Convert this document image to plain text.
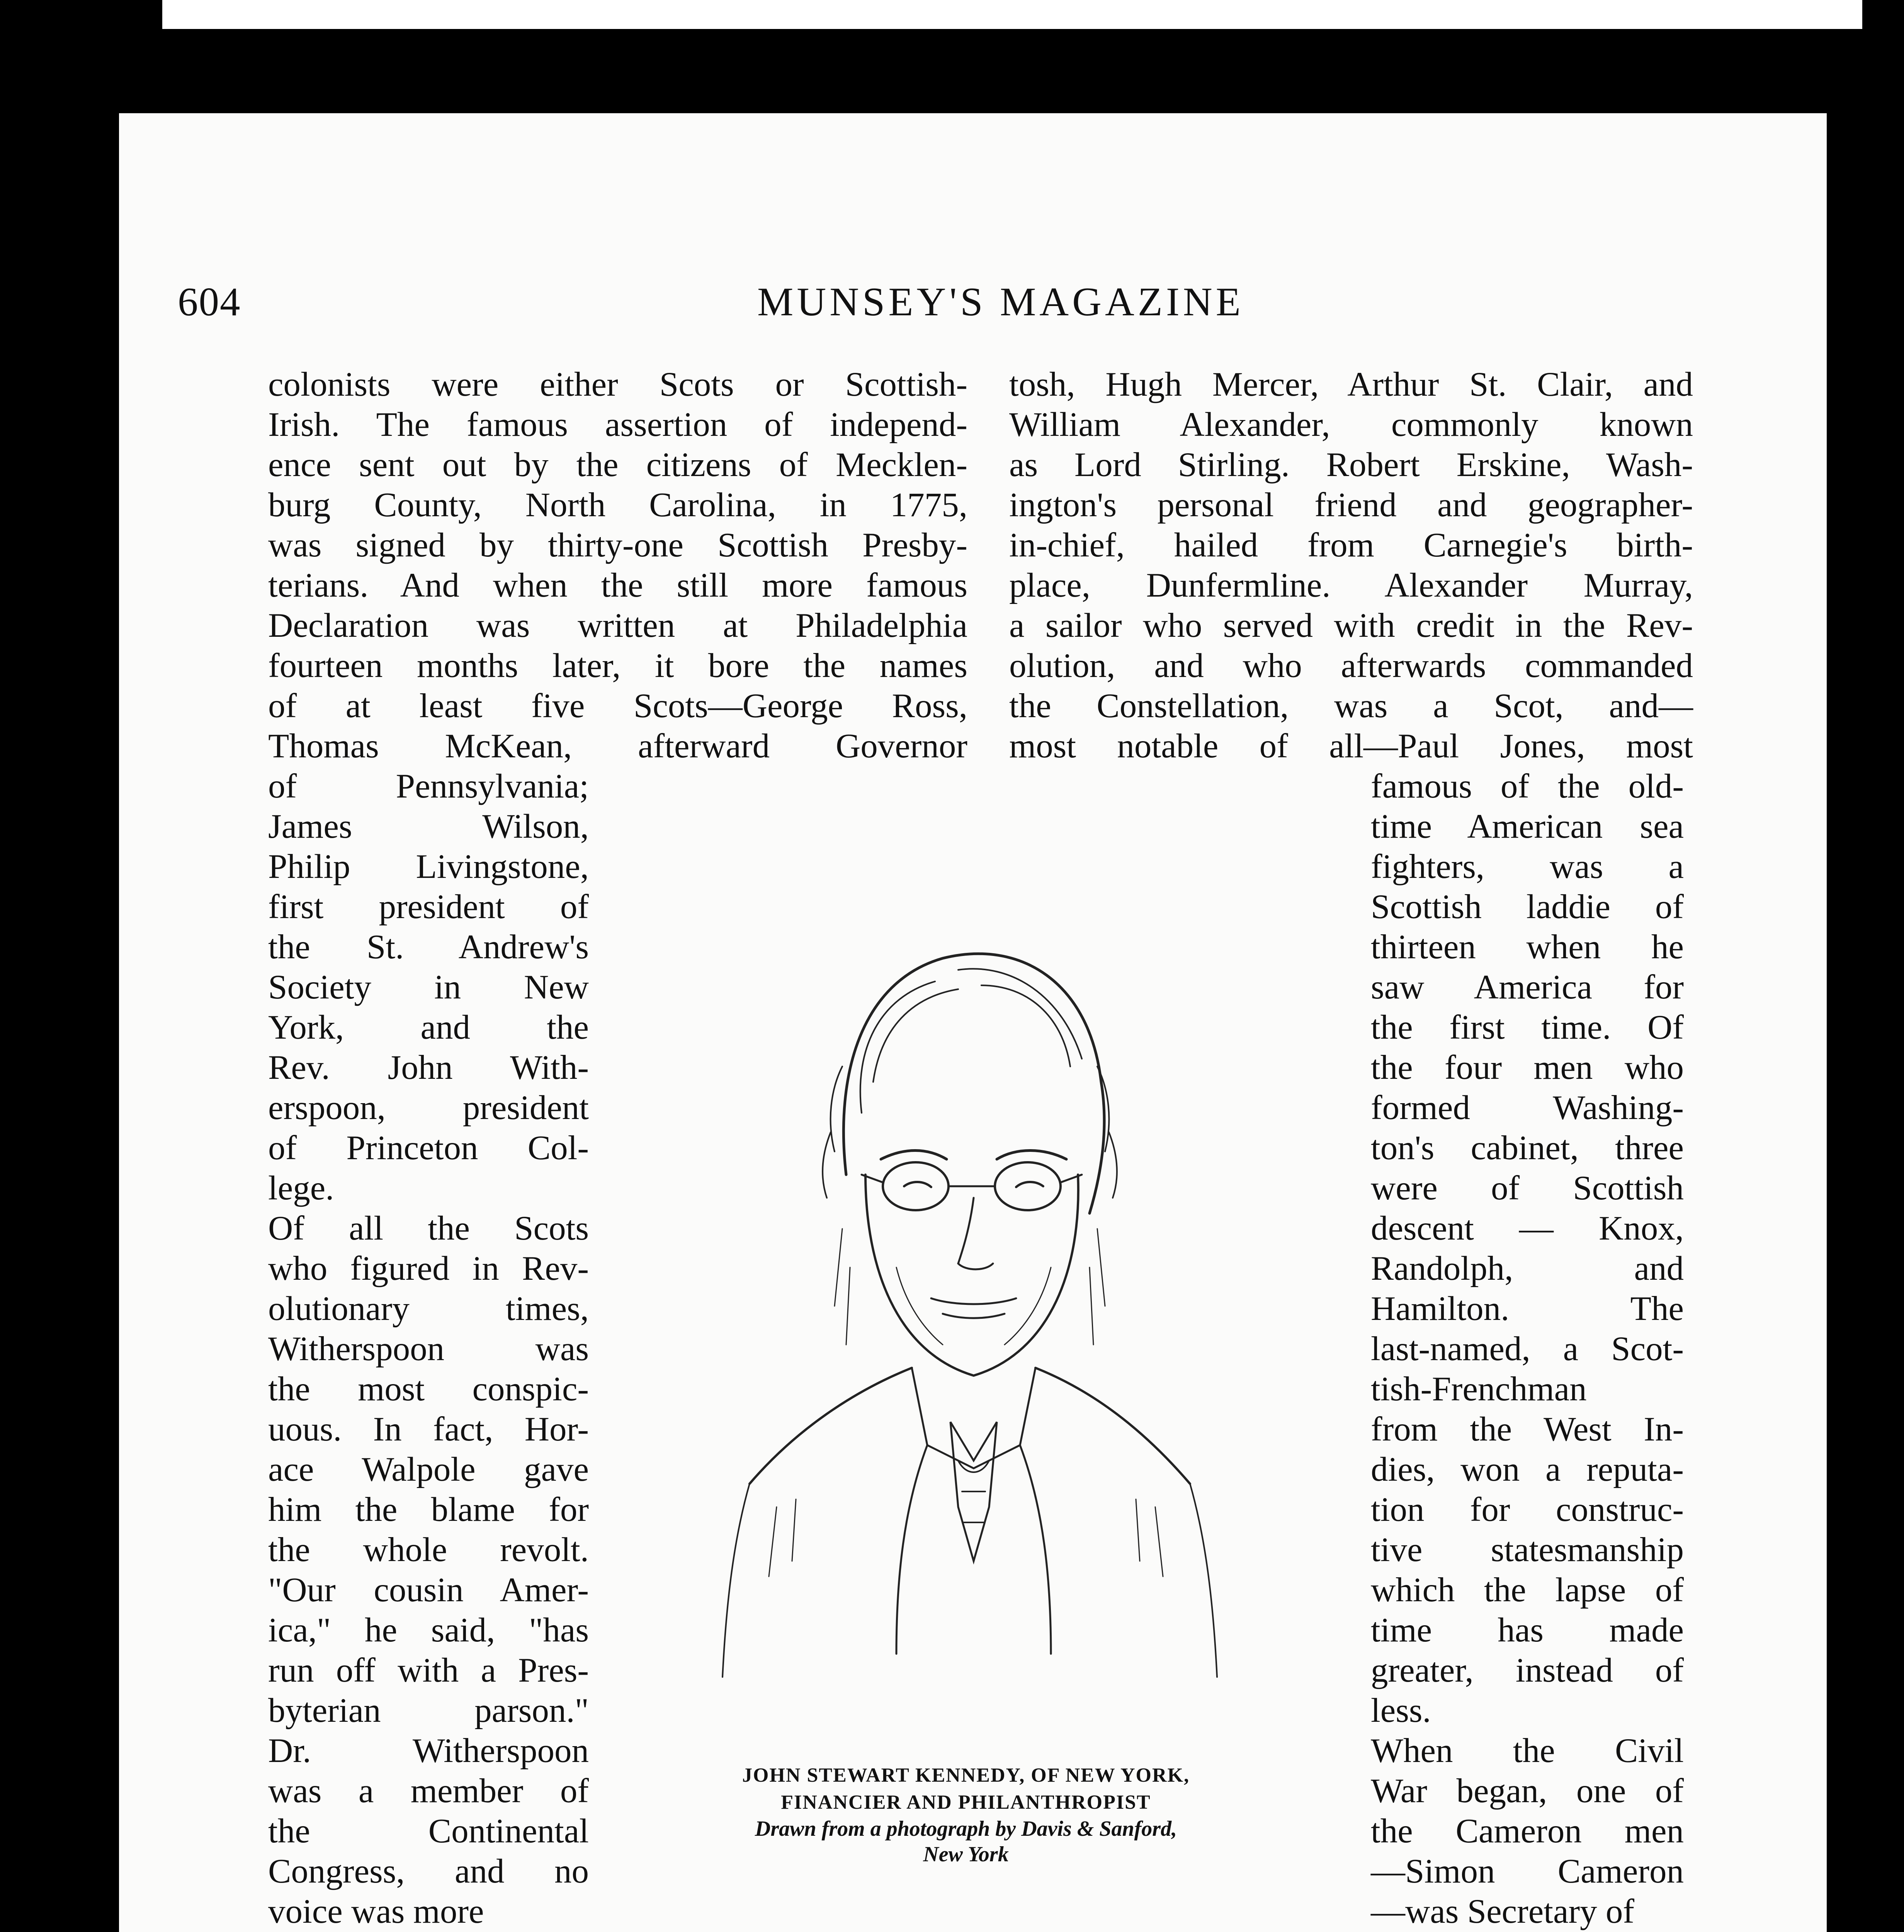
604	MUNSEY'S MAGAZINE
colonists were either Scots or Scottish-
Irish. The famous assertion of independ-
ence sent out by the citizens of Mecklen-
burg County, North Carolina, in 1775,
was signed by thirty-one Scottish Presby-
terians. And when the still more famous
Declaration was written at Philadelphia
fourteen months later, it bore the names
of at least five Scots—George Ross,
Thomas McKean, afterward Governor
of Pennsylvania;
James Wilson,
Philip Livingstone,
first president of
the St. Andrew's
Society in New
York, and the
Rev. John With-
erspoon, president
of Princeton Col-
lege.
Of all the Scots
who figured in Rev-
olutionary times,
Witherspoon was
the most conspic-
uous. In fact, Hor-
ace Walpole gave
him the blame for
the whole revolt.
"Our cousin Amer-
ica," he said, "has
run off with a Pres-
byterian parson."
Dr. Witherspoon
was a member of
the Continental
Congress, and no
voice was more
tosh, Hugh Mercer, Arthur St. Clair, and
William Alexander, commonly known
as Lord Stirling. Robert Erskine, Wash-
ington's personal friend and geographer-
in-chief, hailed from Carnegie's birth-
place, Dunfermline. Alexander Murray,
a sailor who served with credit in the Rev-
olution, and who afterwards commanded
the Constellation, was a Scot, and—
most notable of all—Paul Jones, most
famous of the old-
time American sea
fighters, was a
Scottish laddie of
thirteen when he
saw America for
the first time. Of
the four men who
formed Washing-
ton's cabinet, three
were of Scottish
descent — Knox,
Randolph, and
Hamilton. The
last-named, a Scot-
tish-Frenchman
from the West In-
dies, won a reputa-
tion for construc-
tive statesmanship
which the lapse of
time has made
greater, instead of
less.
When the Civil
War began, one of
the Cameron men
—Simon Cameron
—was Secretary of
JOHN STEWART KENNEDY, OF NEW YORK,
FINANCIER AND PHILANTHROPIST
Drawn from a photograph by Davis & Sanford,
New York
